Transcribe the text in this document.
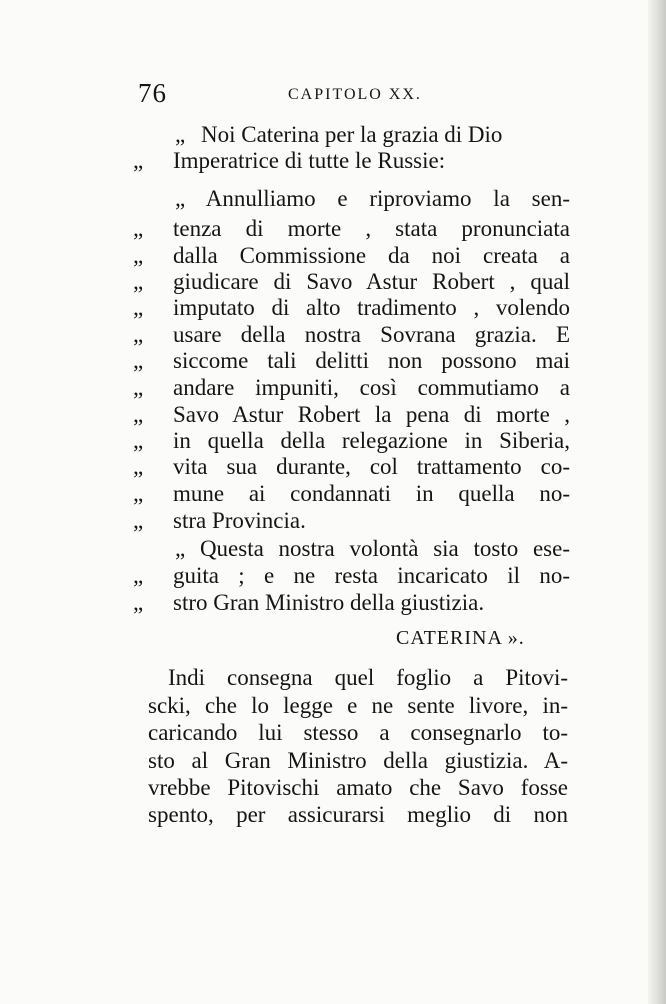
76	CAPITOLO XX.
„ Noi Caterina per la grazia di Dio
„	Imperatrice di tutte le Russie:
„ Annulliamo e riproviamo la sen-
„	tenza di morte , stata pronunciata
„	dalla Commissione da noi creata a
„	giudicare di Savo Astur Robert , qual
„	imputato di alto tradimento , volendo
„	usare della nostra Sovrana grazia. E
„	siccome tali delitti non possono mai
„	andare impuniti, così commutiamo a
„	Savo Astur Robert la pena di morte ,
„	in quella della relegazione in Siberia,
„	vita sua durante, col trattamento co-
„	mune ai condannati in quella no-
„	stra Provincia.
„ Questa nostra volontà sia tosto ese-
„	guita ; e ne resta incaricato il no-
„	stro Gran Ministro della giustizia.
CATERINA ».
Indi consegna quel foglio a Pitovi-
scki, che lo legge e ne sente livore, in-
caricando lui stesso a consegnarlo to-
sto al Gran Ministro della giustizia. A-
vrebbe Pitovischi amato che Savo fosse
spento, per assicurarsi meglio di non
